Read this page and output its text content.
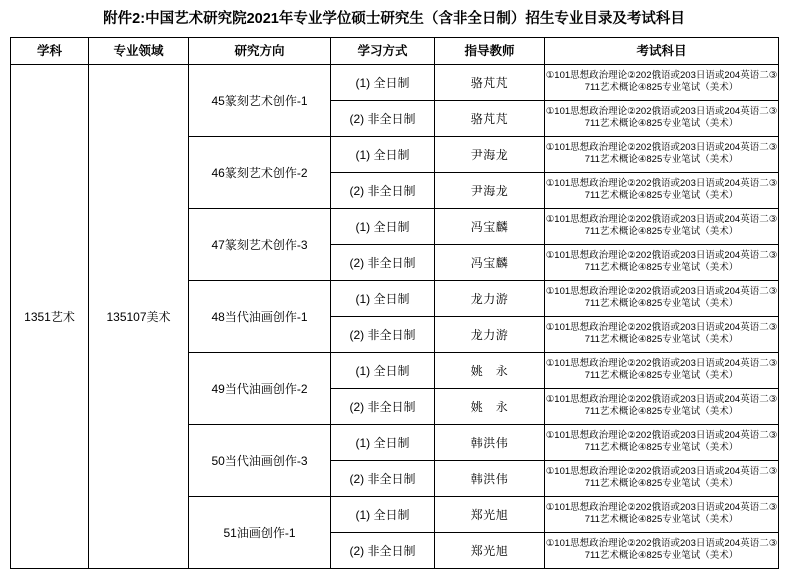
附件2:中国艺术研究院2021年专业学位硕士研究生（含非全日制）招生专业目录及考试科目
学科	专业领域	研究方向	学习方式	指导教师	考试科目
1351艺术	135107美术	45篆刻艺术创作-1	(1) 全日制	骆芃芃	①101思想政治理论②202俄语或203日语或204英语二③711艺术概论④825专业笔试（美术）
			(2) 非全日制	骆芃芃	①101思想政治理论②202俄语或203日语或204英语二③711艺术概论④825专业笔试（美术）
		46篆刻艺术创作-2	(1) 全日制	尹海龙	①101思想政治理论②202俄语或203日语或204英语二③711艺术概论④825专业笔试（美术）
			(2) 非全日制	尹海龙	①101思想政治理论②202俄语或203日语或204英语二③711艺术概论④825专业笔试（美术）
		47篆刻艺术创作-3	(1) 全日制	冯宝麟	①101思想政治理论②202俄语或203日语或204英语二③711艺术概论④825专业笔试（美术）
			(2) 非全日制	冯宝麟	①101思想政治理论②202俄语或203日语或204英语二③711艺术概论④825专业笔试（美术）
		48当代油画创作-1	(1) 全日制	龙力游	①101思想政治理论②202俄语或203日语或204英语二③711艺术概论④825专业笔试（美术）
			(2) 非全日制	龙力游	①101思想政治理论②202俄语或203日语或204英语二③711艺术概论④825专业笔试（美术）
		49当代油画创作-2	(1) 全日制	姚　永	①101思想政治理论②202俄语或203日语或204英语二③711艺术概论④825专业笔试（美术）
			(2) 非全日制	姚　永	①101思想政治理论②202俄语或203日语或204英语二③711艺术概论④825专业笔试（美术）
		50当代油画创作-3	(1) 全日制	韩洪伟	①101思想政治理论②202俄语或203日语或204英语二③711艺术概论④825专业笔试（美术）
			(2) 非全日制	韩洪伟	①101思想政治理论②202俄语或203日语或204英语二③711艺术概论④825专业笔试（美术）
		51油画创作-1	(1) 全日制	郑光旭	①101思想政治理论②202俄语或203日语或204英语二③711艺术概论④825专业笔试（美术）
			(2) 非全日制	郑光旭	①101思想政治理论②202俄语或203日语或204英语二③711艺术概论④825专业笔试（美术）
